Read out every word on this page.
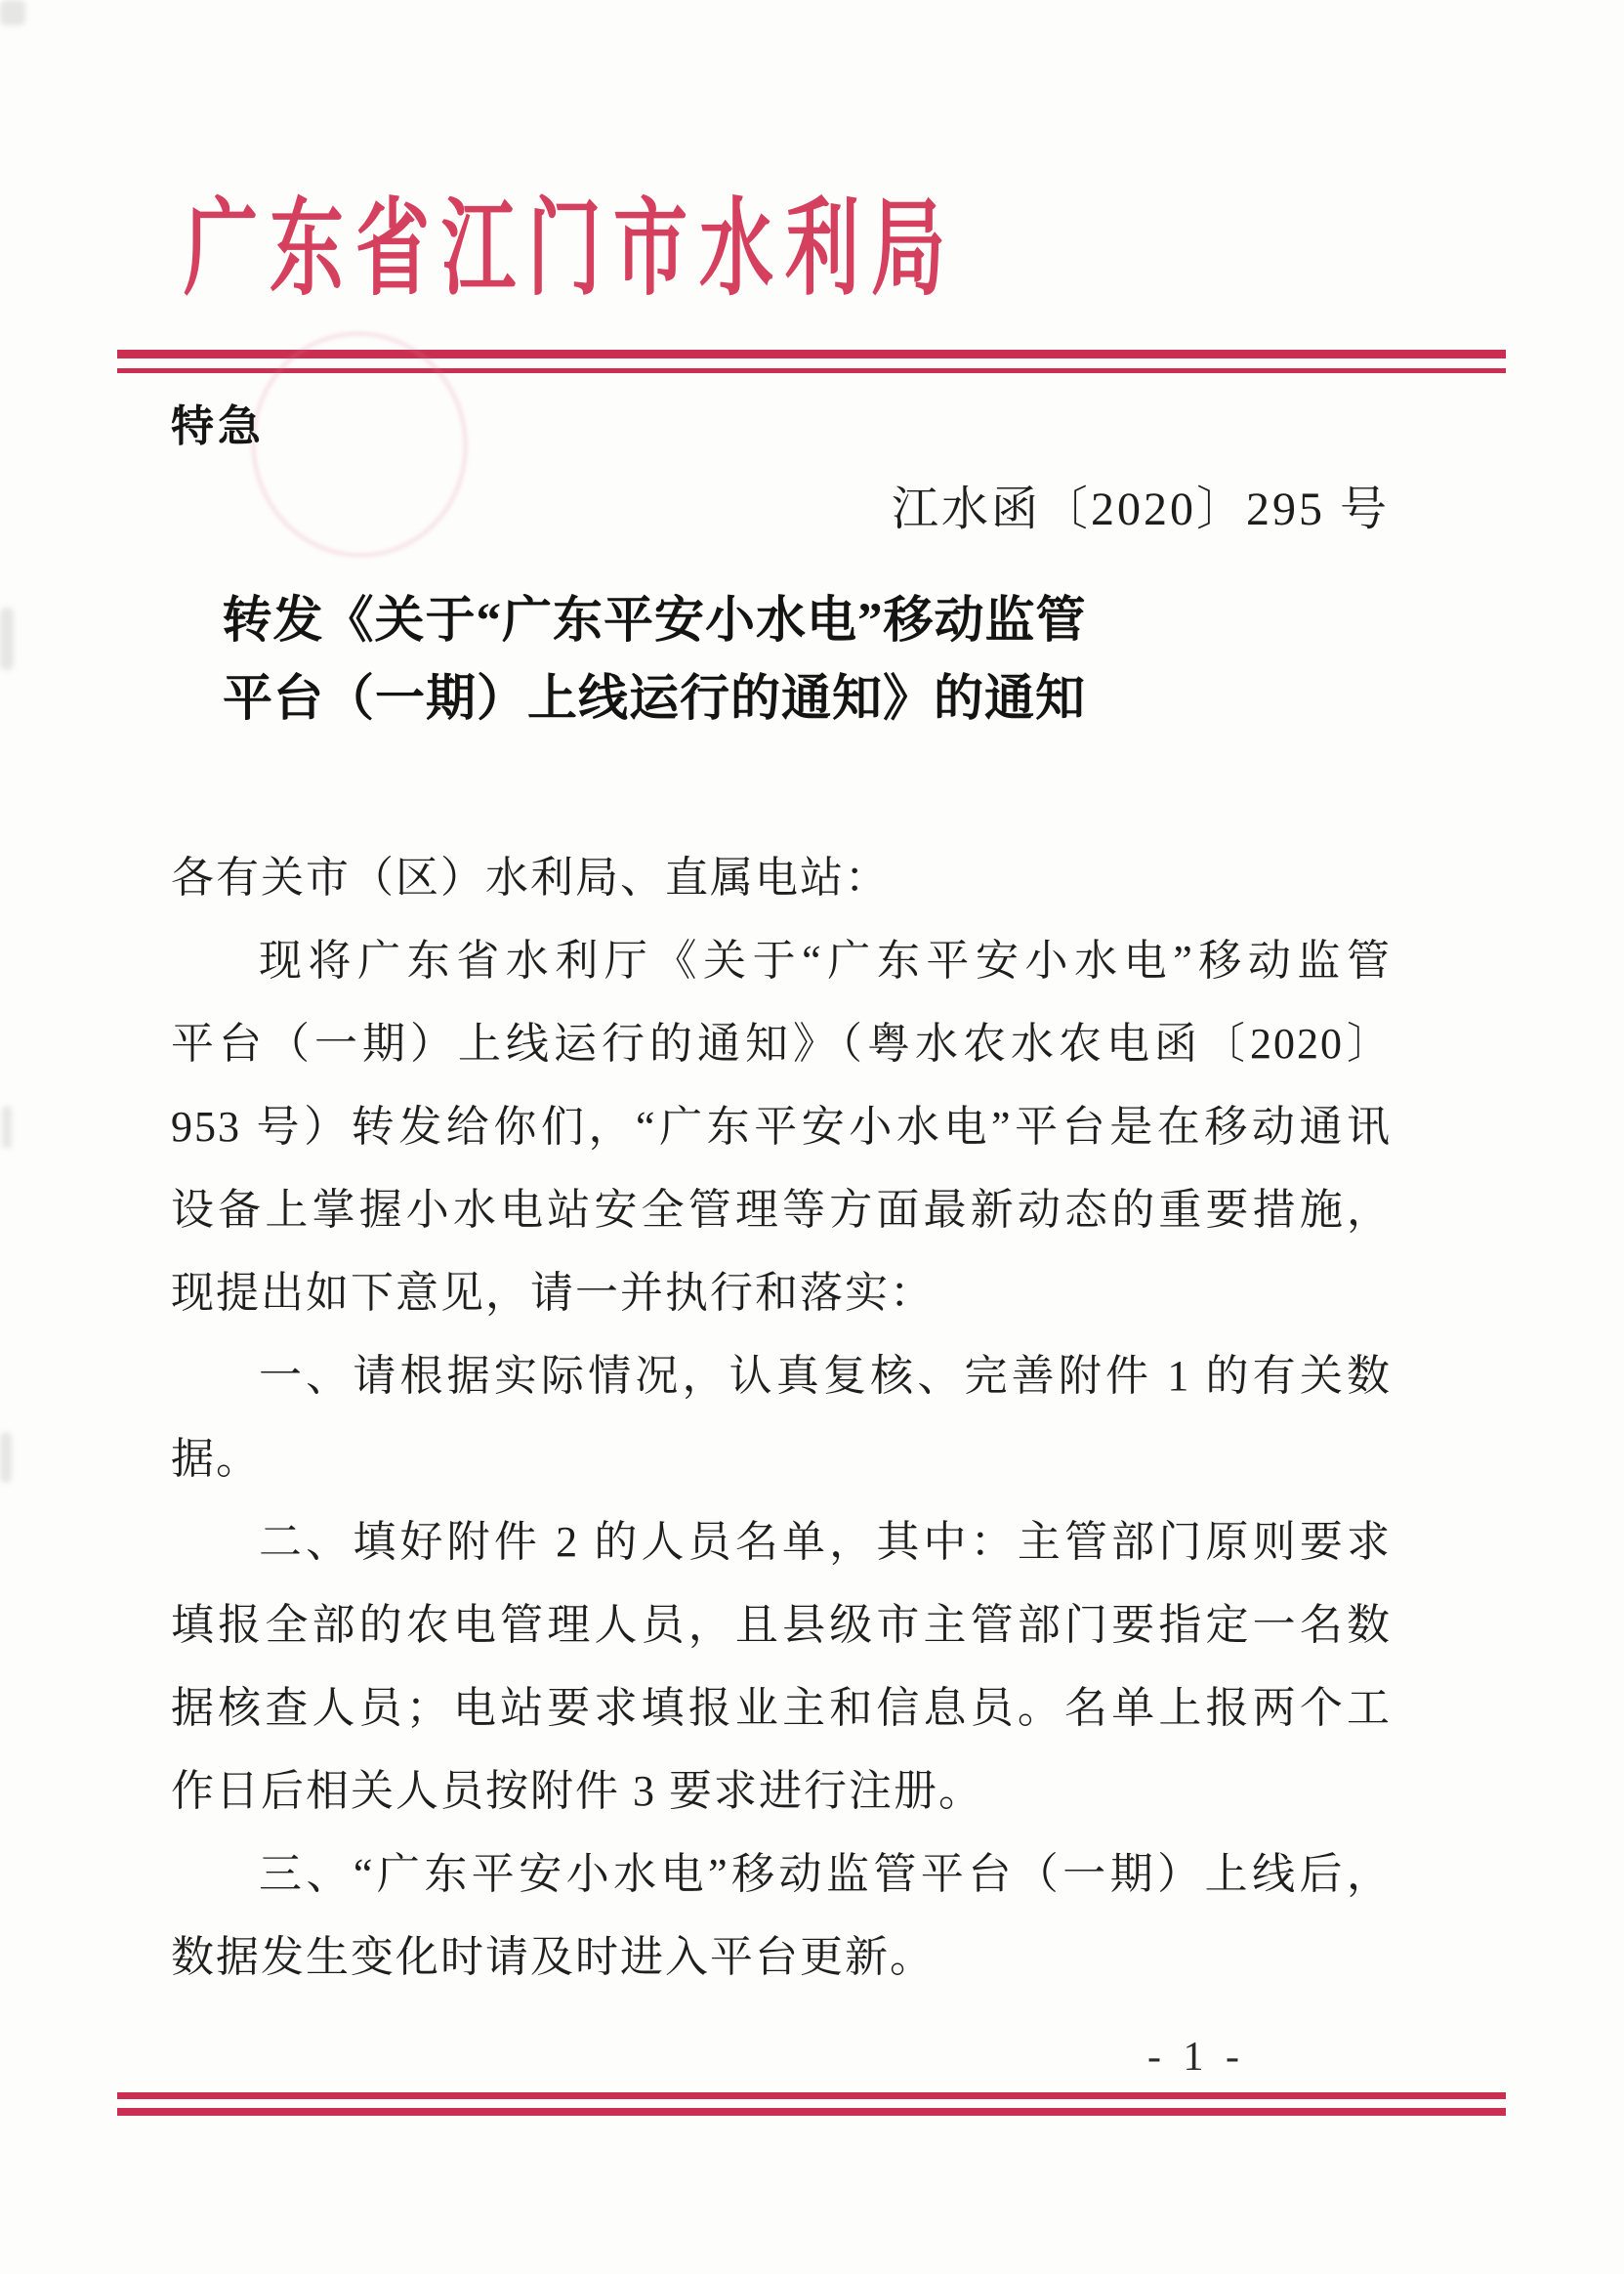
广东省江门市水利局
特急
江水函〔2020〕295 号
转发《关于“广东平安小水电”移动监管
平台（一期）上线运行的通知》的通知
各有关市（区）水利局、直属电站：
现将广东省水利厅《关于“广东平安小水电”移动监管
平台（一期）上线运行的通知》（粤水农水农电函〔2020〕
953 号）转发给你们，“广东平安小水电”平台是在移动通讯
设备上掌握小水电站安全管理等方面最新动态的重要措施，
现提出如下意见，请一并执行和落实：
一、请根据实际情况，认真复核、完善附件 1 的有关数
据。
二、填好附件 2 的人员名单，其中：主管部门原则要求
填报全部的农电管理人员，且县级市主管部门要指定一名数
据核查人员；电站要求填报业主和信息员。名单上报两个工
作日后相关人员按附件 3 要求进行注册。
三、“广东平安小水电”移动监管平台（一期）上线后，
数据发生变化时请及时进入平台更新。
- 1 -
